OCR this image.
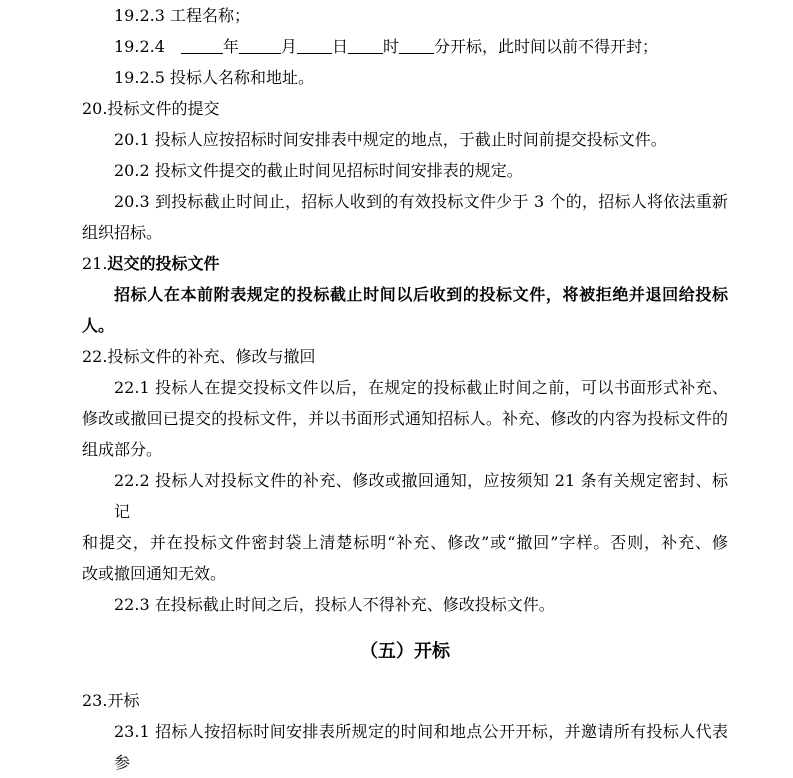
19.2.3 工程名称；
19.2.4　	年	月 日 时 分开标，此时间以前不得开封；
19.2.5 投标人名称和地址。
20.投标文件的提交
20.1 投标人应按招标时间安排表中规定的地点，于截止时间前提交投标文件。
20.2 投标文件提交的截止时间见招标时间安排表的规定。
20.3 到投标截止时间止，招标人收到的有效投标文件少于 3 个的，招标人将依法重新
组织招标。
21.迟交的投标文件
招标人在本前附表规定的投标截止时间以后收到的投标文件，将被拒绝并退回给投标
人。
22.投标文件的补充、修改与撤回
22.1 投标人在提交投标文件以后，在规定的投标截止时间之前，可以书面形式补充、
修改或撤回已提交的投标文件，并以书面形式通知招标人。补充、修改的内容为投标文件的
组成部分。
22.2 投标人对投标文件的补充、修改或撤回通知，应按须知 21 条有关规定密封、标记
和提交，并在投标文件密封袋上清楚标明“补充、修改”或“撤回”字样。否则，补充、修
改或撤回通知无效。
22.3 在投标截止时间之后，投标人不得补充、修改投标文件。
（五）开标
23.开标
23.1 招标人按招标时间安排表所规定的时间和地点公开开标，并邀请所有投标人代表参
